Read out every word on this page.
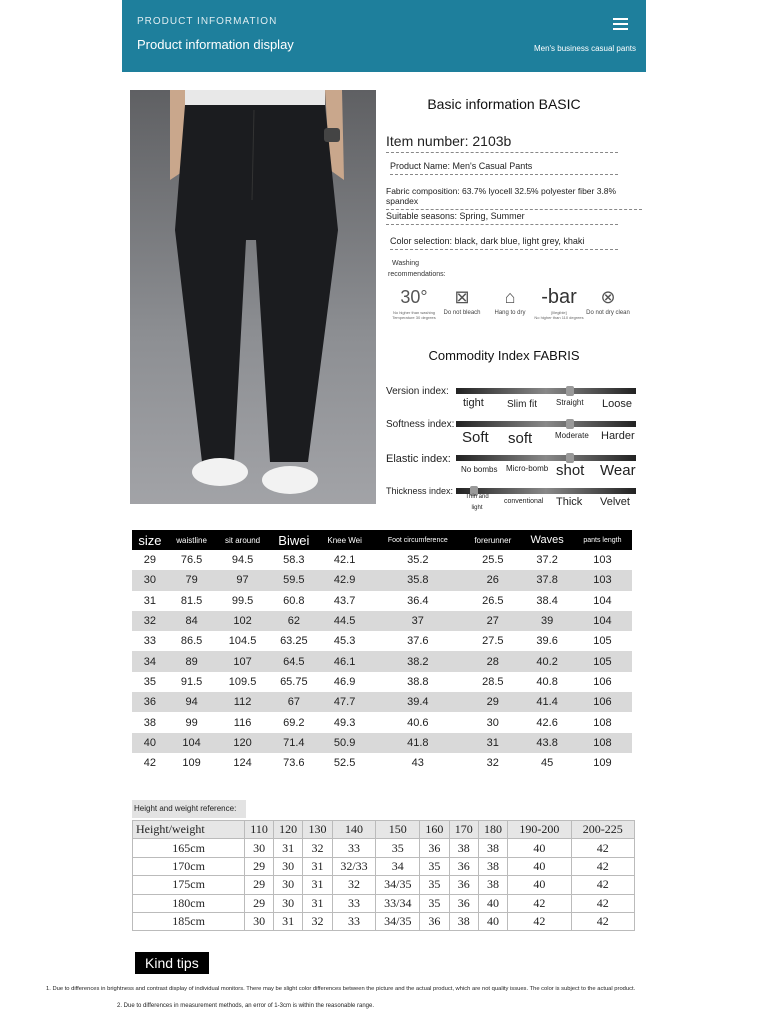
PRODUCT INFORMATION
Product information display	Men's business casual pants
Basic information BASIC
Item number: 2103b
Product Name: Men's Casual Pants
Fabric composition: 63.7% lyocell 32.5% polyester fiber 3.8% spandex
Suitable seasons: Spring, Summer
Color selection: black, dark blue, light grey, khaki
Washing
recommendations:
30°
No higher than washing
Temperature 30 degrees
⊠
Do not bleach
⌂
Hang to dry
-bar
[illegible]
No higher than 110 degrees
⊗
Do not dry clean
Commodity Index FABRIS
Version index:
tight Slim fit Straight Loose
Softness index:
Soft soft	Moderate Harder
Elastic index:
No bombs Micro-bomb shot Wear
Thickness index:
Thin and light
conventional Thick Velvet
size	waistline	sit around	Biwei	Knee Wei	Foot circumference	forerunner	Waves	pants length
29	76.5	94.5	58.3	42.1	35.2	25.5	37.2	103
30	79	97	59.5	42.9	35.8	26	37.8	103
31	81.5	99.5	60.8	43.7	36.4	26.5	38.4	104
32	84	102	62	44.5	37	27	39	104
33	86.5	104.5	63.25	45.3	37.6	27.5	39.6	105
34	89	107	64.5	46.1	38.2	28	40.2	105
35	91.5	109.5	65.75	46.9	38.8	28.5	40.8	106
36	94	112	67	47.7	39.4	29	41.4	106
38	99	116	69.2	49.3	40.6	30	42.6	108
40	104	120	71.4	50.9	41.8	31	43.8	108
42	109	124	73.6	52.5	43	32	45	109
Height and weight reference:
Height/weight	110	120	130	140	150	160	170	180	190-200	200-225
165cm	30	31	32	33	35	36	38	38	40	42
170cm	29	30	31	32/33	34	35	36	38	40	42
175cm	29	30	31	32	34/35	35	36	38	40	42
180cm	29	30	31	33	33/34	35	36	40	42	42
185cm	30	31	32	33	34/35	36	38	40	42	42
Kind tips
1. Due to differences in brightness and contrast display of individual monitors. There may be slight color differences between the picture and the actual product, which are not quality issues. The color is subject to the actual product.
2. Due to differences in measurement methods, an error of 1-3cm is within the reasonable range.
